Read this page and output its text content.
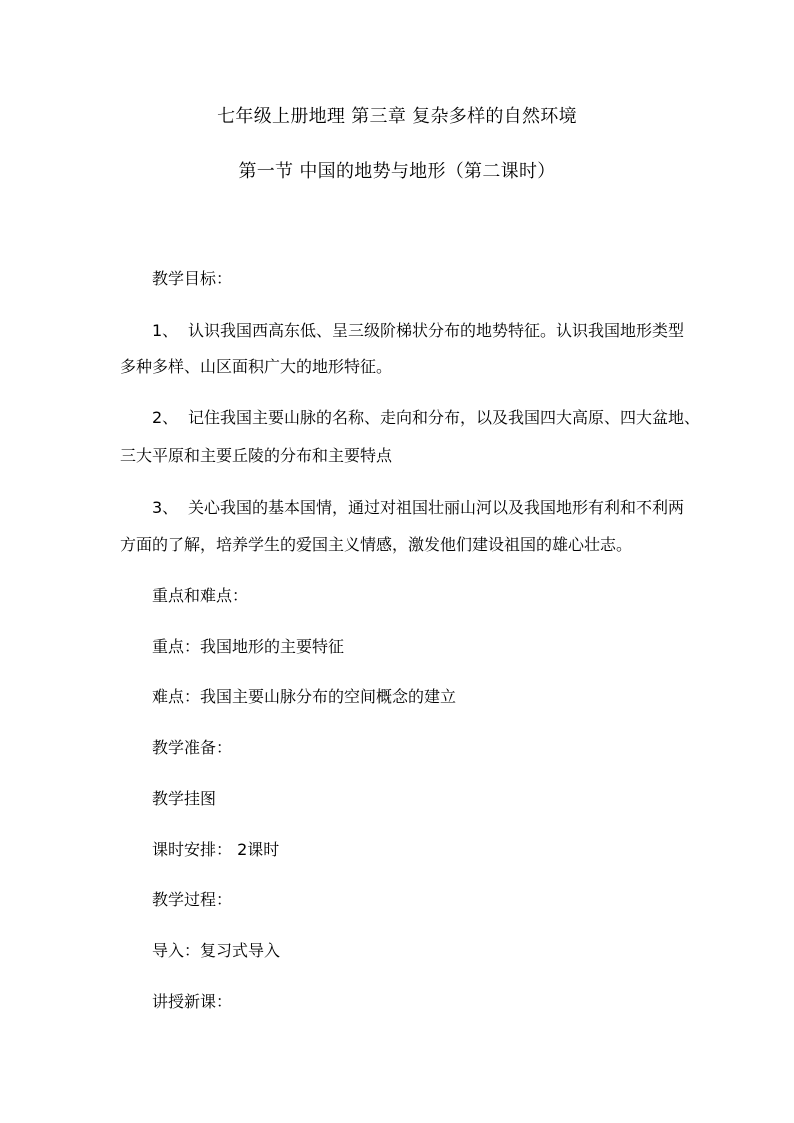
七年级上册地理 第三章 复杂多样的自然环境
第一节 中国的地势与地形（第二课时）
教学目标：
1、 认识我国西高东低、呈三级阶梯状分布的地势特征。认识我国地形类型
多种多样、山区面积广大的地形特征。
2、 记住我国主要山脉的名称、走向和分布，以及我国四大高原、四大盆地、
三大平原和主要丘陵的分布和主要特点
3、 关心我国的基本国情，通过对祖国壮丽山河以及我国地形有利和不利两
方面的了解，培养学生的爱国主义情感，激发他们建设祖国的雄心壮志。
重点和难点：
重点：我国地形的主要特征
难点：我国主要山脉分布的空间概念的建立
教学准备：
教学挂图
课时安排： 2课时
教学过程：
导入：复习式导入
讲授新课：
